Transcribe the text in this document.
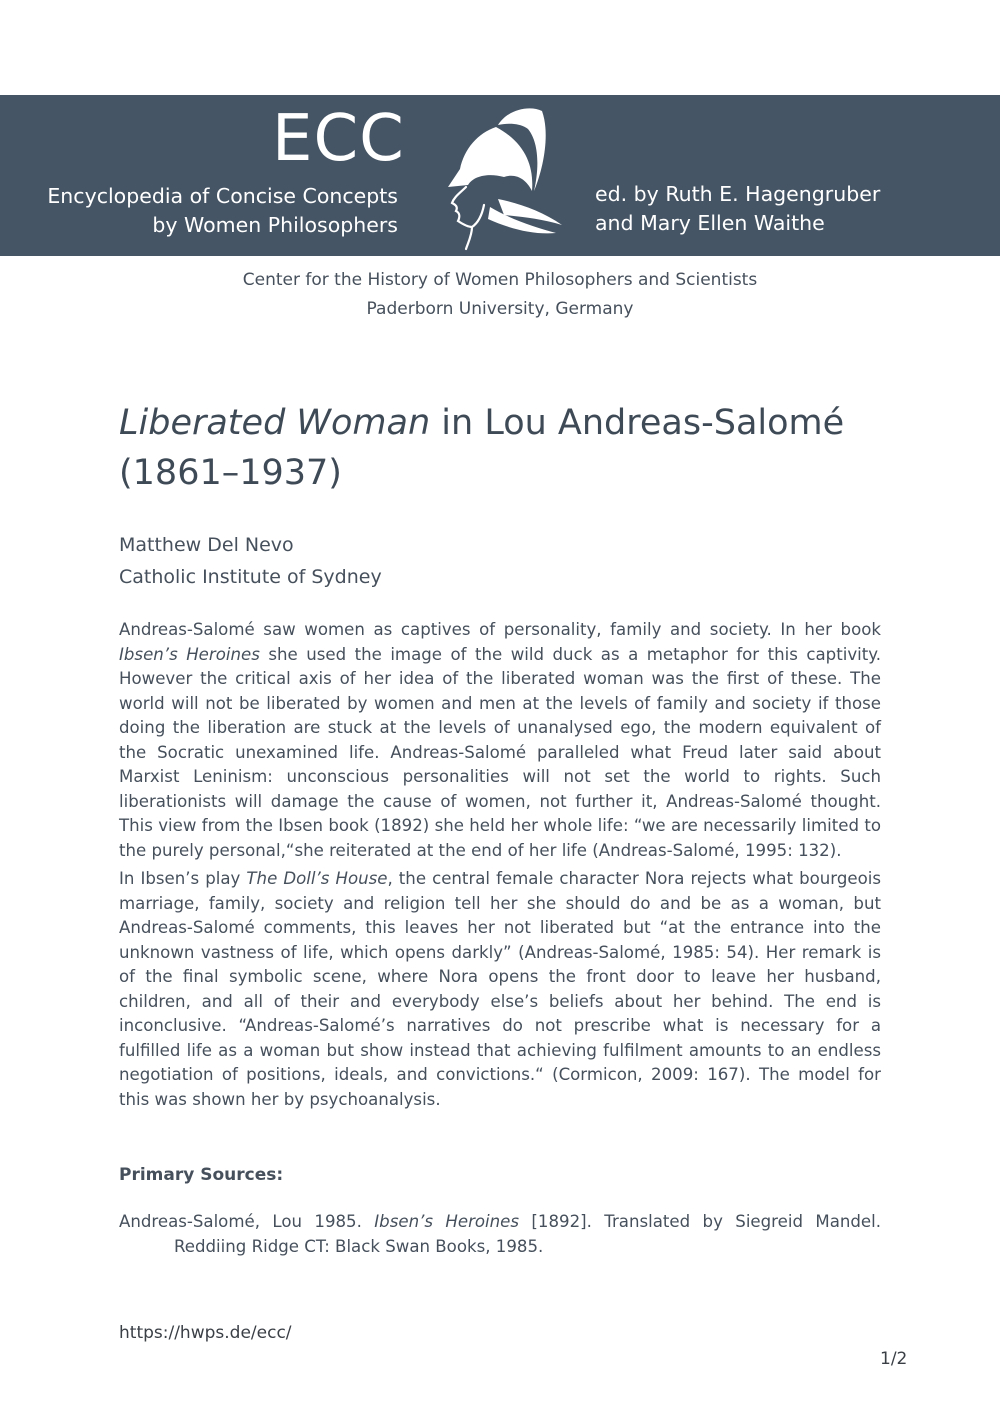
ECC
Encyclopedia of Concise Concepts
by Women Philosophers
ed. by Ruth E. Hagengruber
and Mary Ellen Waithe
Center for the History of Women Philosophers and Scientists
Paderborn University, Germany
Liberated Woman in Lou Andreas-Salomé (1861–1937)
Matthew Del Nevo
Catholic Institute of Sydney

Andreas-Salomé saw women as captives of personality, family and society. In her book Ibsen’s Heroines she used the image of the wild duck as a metaphor for this captivity. However the critical axis of her idea of the liberated woman was the first of these. The world will not be liberated by women and men at the levels of family and society if those doing the liberation are stuck at the levels of unanalysed ego, the modern equivalent of the Socratic unexamined life. Andreas-Salomé paralleled what Freud later said about Marxist Leninism: unconscious personalities will not set the world to rights. Such liberationists will damage the cause of women, not further it, Andreas-Salomé thought. This view from the Ibsen book (1892) she held her whole life: “we are necessarily limited to the purely personal,“she reiterated at the end of her life (Andreas-Salomé, 1995: 132).

In Ibsen’s play The Doll’s House, the central female character Nora rejects what bourgeois marriage, family, society and religion tell her she should do and be as a woman, but Andreas-Salomé comments, this leaves her not liberated but “at the entrance into the unknown vastness of life, which opens darkly” (Andreas-Salomé, 1985: 54). Her remark is of the final symbolic scene, where Nora opens the front door to leave her husband, children, and all of their and everybody else’s beliefs about her behind. The end is inconclusive. “Andreas-Salomé’s narratives do not prescribe what is necessary for a fulfilled life as a woman but show instead that achieving fulfilment amounts to an endless negotiation of positions, ideals, and convictions.“ (Cormicon, 2009: 167). The model for this was shown her by psychoanalysis.

Primary Sources:
Andreas-Salomé, Lou 1985. Ibsen’s Heroines [1892]. Translated by Siegreid Mandel. Reddiing Ridge CT: Black Swan Books, 1985.
https://hwps.de/ecc/
1/2
